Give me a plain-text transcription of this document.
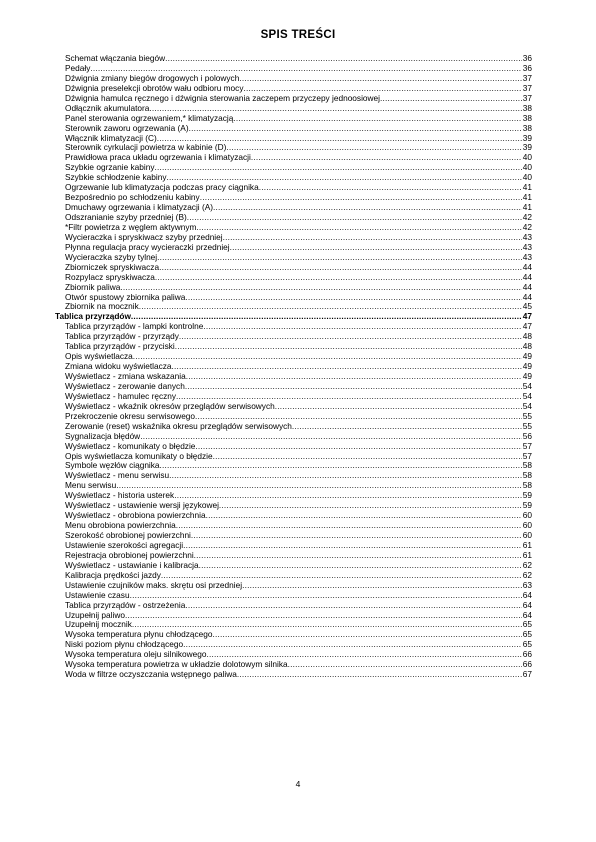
SPIS TREŚCI
Schemat włączania biegów .....	36
Pedały .....	36
Dźwignia zmiany biegów drogowych i polowych .....	37
Dźwignia preselekcji obrotów wału odbioru mocy .....	37
Dźwignia hamulca ręcznego i dźwignia sterowania zaczepem przyczepy jednoosiowej .....	37
Odłącznik akumulatora .....	38
Panel sterowania ogrzewaniem,* klimatyzacją .....	38
Sterownik zaworu ogrzewania (A) .....	38
Włącznik klimatyzacji (C) .....	39
Sterownik cyrkulacji powietrza w kabinie (D) .....	39
Prawidłowa praca układu ogrzewania i klimatyzacji .....	40
Szybkie ogrzanie kabiny .....	40
Szybkie schłodzenie kabiny .....	40
Ogrzewanie lub klimatyzacja podczas pracy ciągnika .....	41
Bezpośrednio po schłodzeniu kabiny .....	41
Dmuchawy ogrzewania i klimatyzacji (A) .....	41
Odszranianie szyby przedniej (B) .....	42
*Filtr powietrza z węglem aktywnym .....	42
Wycieraczka i spryskiwacz szyby przedniej .....	43
Płynna regulacja pracy wycieraczki przedniej .....	43
Wycieraczka szyby tylnej .....	43
Zbiorniczek spryskiwacza .....	44
Rozpylacz spryskiwacza .....	44
Zbiornik paliwa .....	44
Otwór spustowy zbiornika paliwa .....	44
Zbiornik na mocznik .....	45
Tablica przyrządów .....	47
Tablica przyrządów - lampki kontrolne .....	47
Tablica przyrządów - przyrządy .....	48
Tablica przyrządów - przyciski .....	48
Opis wyświetlacza .....	49
Zmiana widoku wyświetlacza .....	49
Wyświetlacz - zmiana wskazania .....	49
Wyświetlacz - zerowanie danych .....	54
Wyświetlacz - hamulec ręczny .....	54
Wyświetlacz - wkaźnik okresów przeglądów serwisowych .....	54
Przekroczenie okresu serwisowego .....	55
Zerowanie (reset) wskaźnika okresu przeglądów serwisowych .....	55
Sygnalizacja błędów .....	56
Wyświetlacz - komunikaty o błędzie .....	57
Opis wyświetlacza komunikaty o błędzie .....	57
Symbole węzłów ciągnika .....	58
Wyświetlacz - menu serwisu .....	58
Menu serwisu .....	58
Wyświetlacz - historia usterek .....	59
Wyświetlacz - ustawienie wersji językowej .....	59
Wyświetlacz - obrobiona powierzchnia .....	60
Menu obrobiona powierzchnia .....	60
Szerokość obrobionej powierzchni .....	60
Ustawienie szerokości agregacji .....	61
Rejestracja obrobionej powierzchni .....	61
Wyświetlacz - ustawianie i kalibracja .....	62
Kalibracja prędkości jazdy .....	62
Ustawienie czujników maks. skrętu osi przedniej .....	63
Ustawienie czasu .....	64
Tablica przyrządów - ostrzeżenia .....	64
Uzupełnij paliwo .....	64
Uzupełnij mocznik .....	65
Wysoka temperatura płynu chłodzącego .....	65
Niski poziom płynu chłodzącego .....	65
Wysoka temperatura oleju silnikowego .....	66
Wysoka temperatura powietrza w układzie dolotowym silnika .....	66
Woda w filtrze oczyszczania wstępnego paliwa .....	67
4
